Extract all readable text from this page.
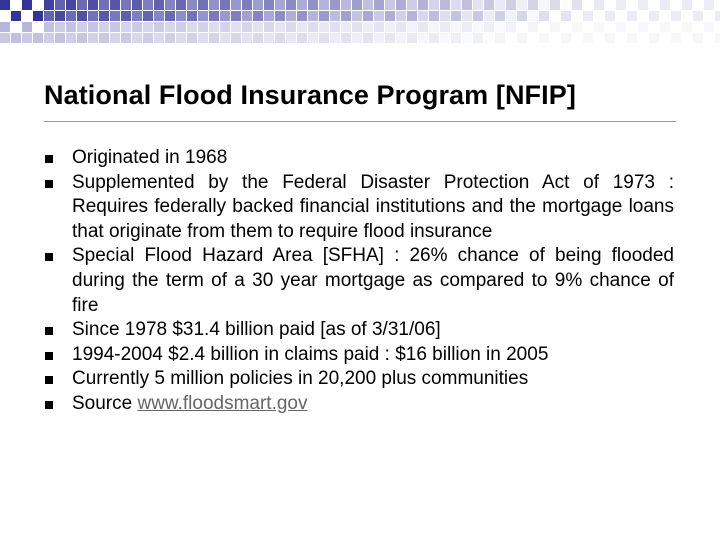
National Flood Insurance Program [NFIP]
Originated in 1968
Supplemented by the Federal Disaster Protection Act of 1973 : Requires federally backed financial institutions and the mortgage loans that originate from them to require flood insurance
Special Flood Hazard Area [SFHA] : 26% chance of being flooded during the term of a 30 year mortgage as compared to 9% chance of fire
Since 1978 $31.4 billion paid [as of 3/31/06]
1994-2004 $2.4 billion in claims paid : $16 billion in 2005
Currently 5 million policies in 20,200 plus communities
Source www.floodsmart.gov
